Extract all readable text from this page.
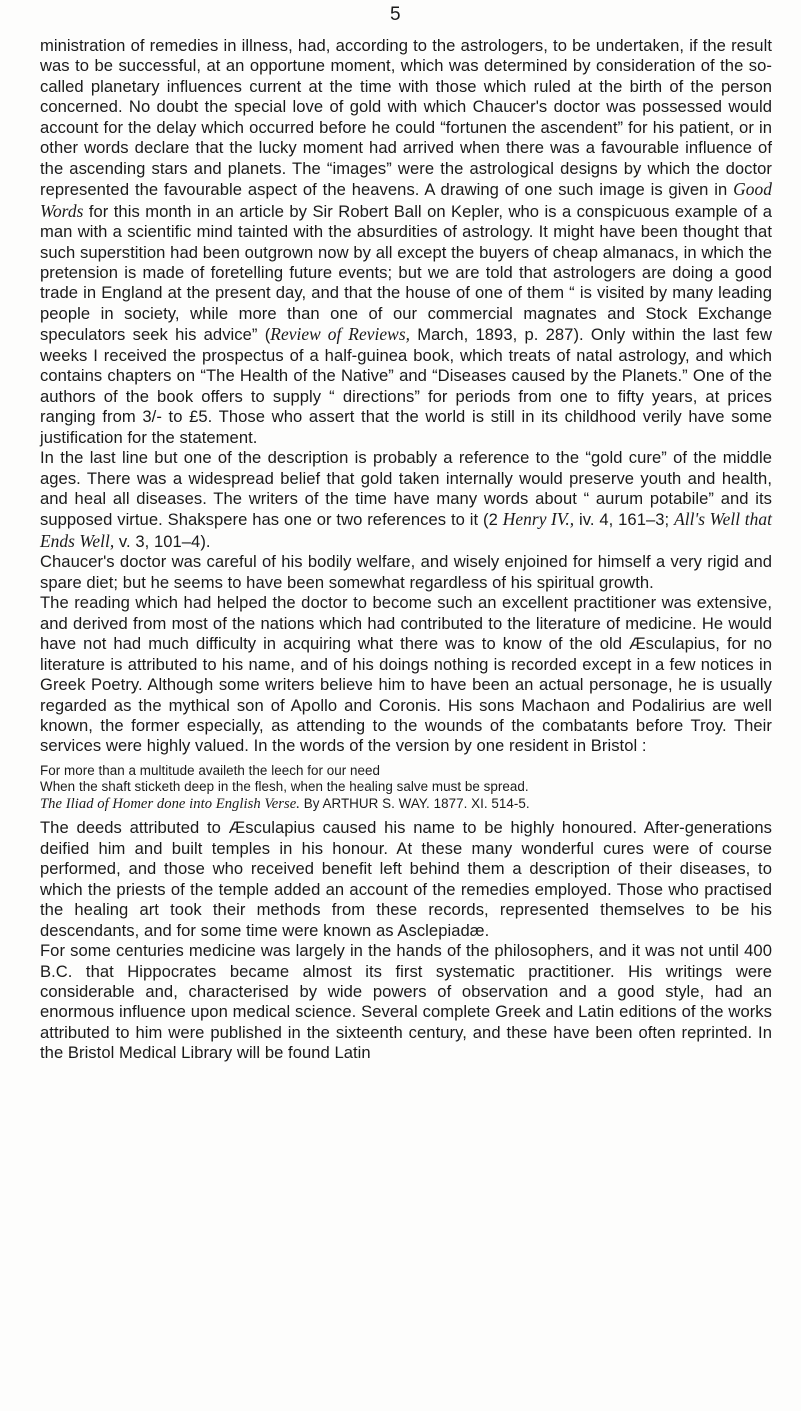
5

ministration of remedies in illness, had, according to the astrologers, to be undertaken, if the result was to be successful, at an opportune moment, which was determined by consideration of the so-called planetary influences current at the time with those which ruled at the birth of the person concerned. No doubt the special love of gold with which Chaucer's doctor was possessed would account for the delay which occurred before he could “fortunen the ascendent” for his patient, or in other words declare that the lucky moment had arrived when there was a favourable influence of the ascending stars and planets. The “images” were the astrological designs by which the doctor represented the favourable aspect of the heavens. A drawing of one such image is given in Good Words for this month in an article by Sir Robert Ball on Kepler, who is a conspicuous example of a man with a scientific mind tainted with the absurdities of astrology. It might have been thought that such superstition had been outgrown now by all except the buyers of cheap almanacs, in which the pretension is made of foretelling future events; but we are told that astrologers are doing a good trade in England at the present day, and that the house of one of them “ is visited by many leading people in society, while more than one of our commercial magnates and Stock Exchange speculators seek his advice” (Review of Reviews, March, 1893, p. 287). Only within the last few weeks I received the prospectus of a half-guinea book, which treats of natal astrology, and which contains chapters on “The Health of the Native” and “Diseases caused by the Planets.” One of the authors of the book offers to supply “ directions” for periods from one to fifty years, at prices ranging from 3/- to £5. Those who assert that the world is still in its childhood verily have some justification for the statement.

In the last line but one of the description is probably a reference to the “gold cure” of the middle ages. There was a widespread belief that gold taken internally would preserve youth and health, and heal all diseases. The writers of the time have many words about “ aurum potabile” and its supposed virtue. Shakspere has one or two references to it (2 Henry IV., iv. 4, 161–3; All's Well that Ends Well, v. 3, 101–4).

Chaucer's doctor was careful of his bodily welfare, and wisely enjoined for himself a very rigid and spare diet; but he seems to have been somewhat regardless of his spiritual growth.

The reading which had helped the doctor to become such an excellent practitioner was extensive, and derived from most of the nations which had contributed to the literature of medicine. He would have not had much difficulty in acquiring what there was to know of the old Æsculapius, for no literature is attributed to his name, and of his doings nothing is recorded except in a few notices in Greek Poetry. Although some writers believe him to have been an actual personage, he is usually regarded as the mythical son of Apollo and Coronis. His sons Machaon and Podalirius are well known, the former especially, as attending to the wounds of the combatants before Troy. Their services were highly valued. In the words of the version by one resident in Bristol :

For more than a multitude availeth the leech for our need
When the shaft sticketh deep in the flesh, when the healing salve must be spread.
The Iliad of Homer done into English Verse. By ARTHUR S. WAY. 1877. XI. 514-5.

The deeds attributed to Æsculapius caused his name to be highly honoured. After-generations deified him and built temples in his honour. At these many wonderful cures were of course performed, and those who received benefit left behind them a description of their diseases, to which the priests of the temple added an account of the remedies employed. Those who practised the healing art took their methods from these records, represented themselves to be his descendants, and for some time were known as Asclepiadæ.

For some centuries medicine was largely in the hands of the philosophers, and it was not until 400 B.C. that Hippocrates became almost its first systematic practitioner. His writings were considerable and, characterised by wide powers of observation and a good style, had an enormous influence upon medical science. Several complete Greek and Latin editions of the works attributed to him were published in the sixteenth century, and these have been often reprinted. In the Bristol Medical Library will be found Latin
